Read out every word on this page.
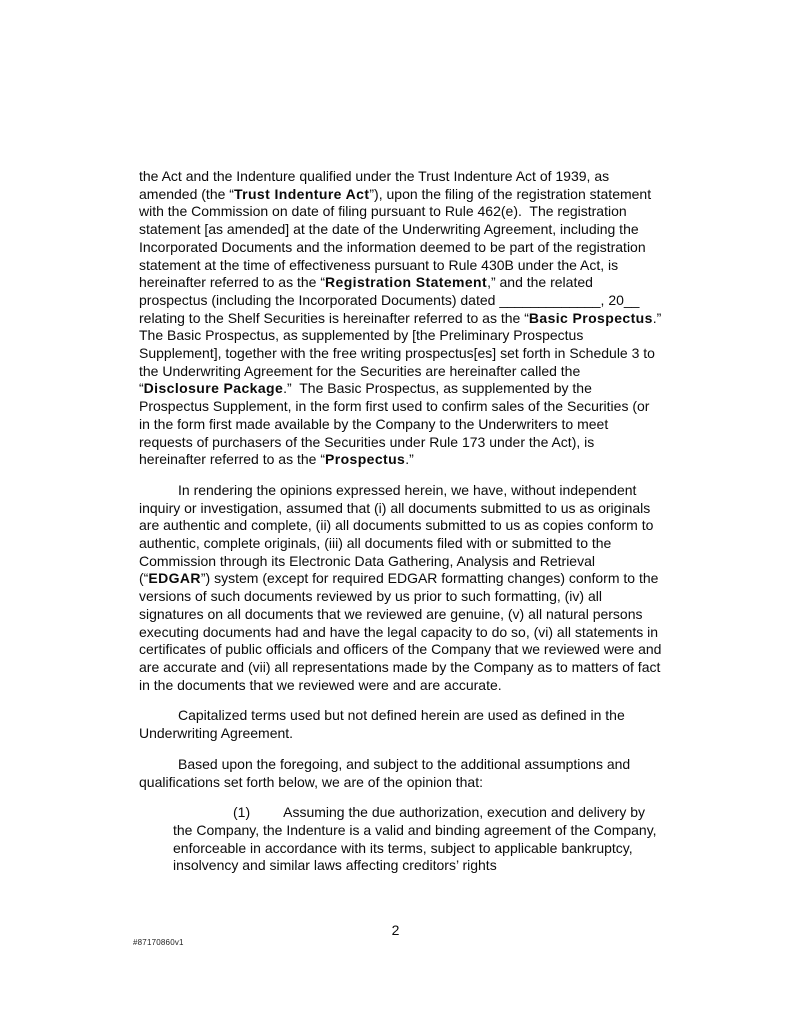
the Act and the Indenture qualified under the Trust Indenture Act of 1939, as amended (the “Trust Indenture Act”), upon the filing of the registration statement with the Commission on date of filing pursuant to Rule 462(e).  The registration statement [as amended] at the date of the Underwriting Agreement, including the Incorporated Documents and the information deemed to be part of the registration statement at the time of effectiveness pursuant to Rule 430B under the Act, is hereinafter referred to as the “Registration Statement,” and the related prospectus (including the Incorporated Documents) dated _____________, 20__ relating to the Shelf Securities is hereinafter referred to as the “Basic Prospectus.”  The Basic Prospectus, as supplemented by [the Preliminary Prospectus Supplement], together with the free writing prospectus[es] set forth in Schedule 3 to the Underwriting Agreement for the Securities are hereinafter called the “Disclosure Package.”  The Basic Prospectus, as supplemented by the Prospectus Supplement, in the form first used to confirm sales of the Securities (or in the form first made available by the Company to the Underwriters to meet requests of purchasers of the Securities under Rule 173 under the Act), is hereinafter referred to as the “Prospectus.”

In rendering the opinions expressed herein, we have, without independent inquiry or investigation, assumed that (i) all documents submitted to us as originals are authentic and complete, (ii) all documents submitted to us as copies conform to authentic, complete originals, (iii) all documents filed with or submitted to the Commission through its Electronic Data Gathering, Analysis and Retrieval (“EDGAR”) system (except for required EDGAR formatting changes) conform to the versions of such documents reviewed by us prior to such formatting, (iv) all signatures on all documents that we reviewed are genuine, (v) all natural persons executing documents had and have the legal capacity to do so, (vi) all statements in certificates of public officials and officers of the Company that we reviewed were and are accurate and (vii) all representations made by the Company as to matters of fact in the documents that we reviewed were and are accurate.

Capitalized terms used but not defined herein are used as defined in the Underwriting Agreement.

Based upon the foregoing, and subject to the additional assumptions and qualifications set forth below, we are of the opinion that:

(1) Assuming the due authorization, execution and delivery by the Company, the Indenture is a valid and binding agreement of the Company, enforceable in accordance with its terms, subject to applicable bankruptcy, insolvency and similar laws affecting creditors’ rights

2
#87170860v1
